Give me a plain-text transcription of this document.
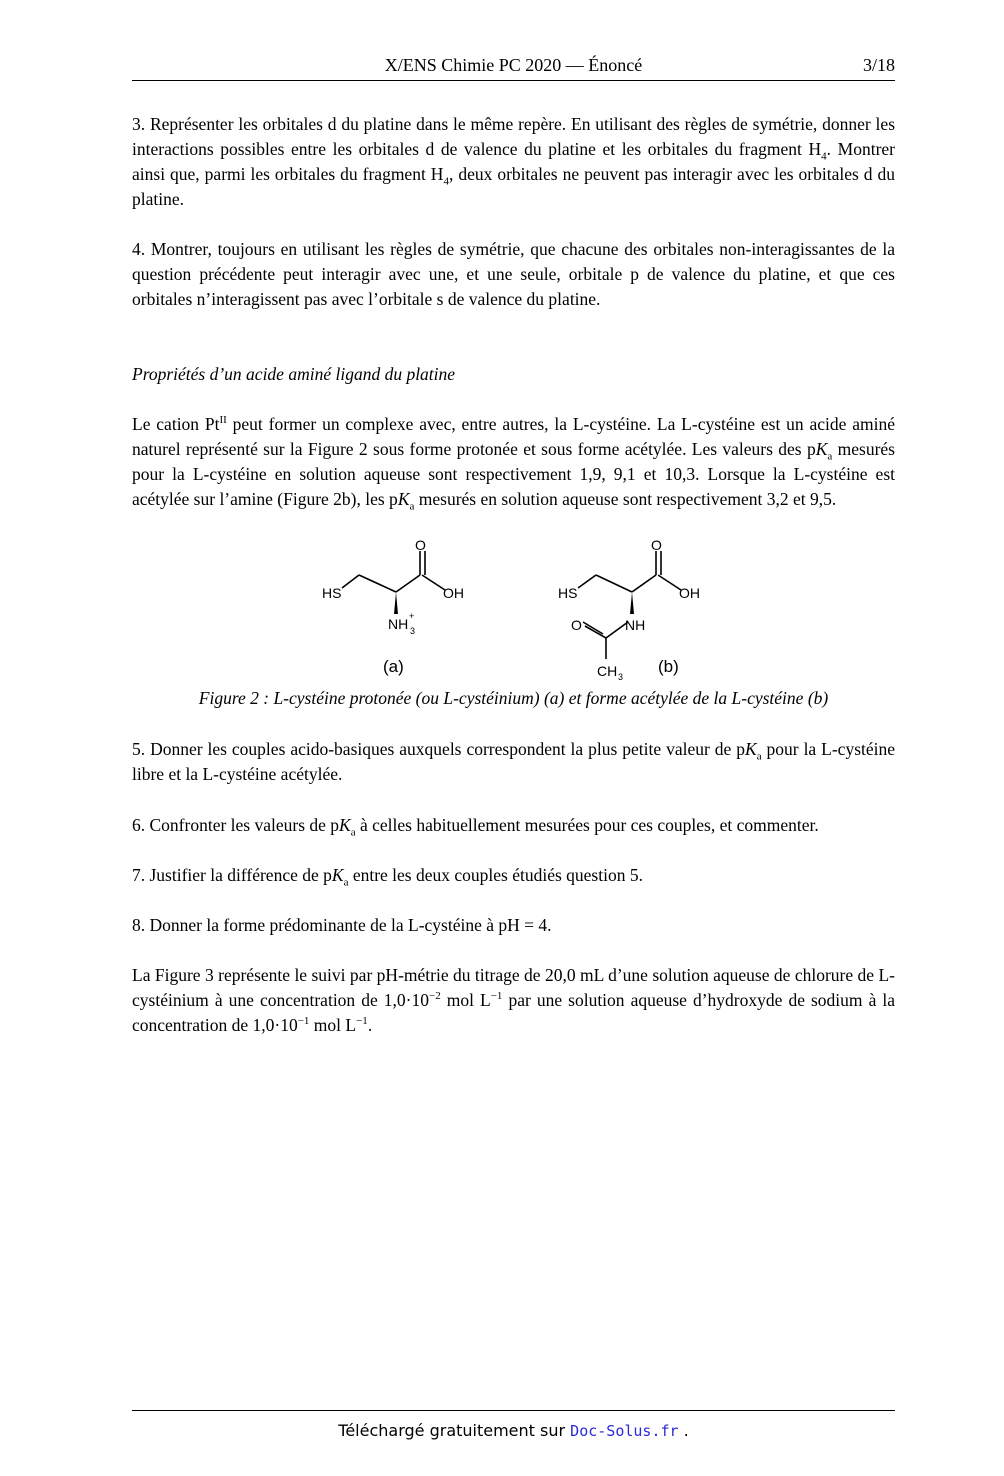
X/ENS Chimie PC 2020 — Énoncé	3/18

3. Représenter les orbitales d du platine dans le même repère. En utilisant des règles de symétrie, donner les interactions possibles entre les orbitales d de valence du platine et les orbitales du fragment $H_4$. Montrer ainsi que, parmi les orbitales du fragment $H_4$, deux orbitales ne peuvent pas interagir avec les orbitales d du platine.

4. Montrer, toujours en utilisant les règles de symétrie, que chacune des orbitales non-interagissantes de la question précédente peut interagir avec une, et une seule, orbitale p de valence du platine, et que ces orbitales n’interagissent pas avec l’orbitale s de valence du platine.

Propriétés d’un acide aminé ligand du platine

Le cation $Pt^{II}$ peut former un complexe avec, entre autres, la L-cystéine. La L-cystéine est un acide aminé naturel représenté sur la Figure 2 sous forme protonée et sous forme acétylée. Les valeurs des $pK_a$ mesurés pour la L-cystéine en solution aqueuse sont respectivement 1,9, 9,1 et 10,3. Lorsque la L-cystéine est acétylée sur l’amine (Figure 2b), les $pK_a$ mesurés en solution aqueuse sont respectivement 3,2 et 9,5.

O
HS	OH
NH 3
+
(a)
O
HS	OH
NH
O
CH 3
(b)
Figure 2 : L-cystéine protonée (ou L-cystéinium) (a) et forme acétylée de la L-cystéine (b)

5. Donner les couples acido-basiques auxquels correspondent la plus petite valeur de $pK_a$ pour la L-cystéine libre et la L-cystéine acétylée.

6. Confronter les valeurs de $pK_a$ à celles habituellement mesurées pour ces couples, et commenter.

7. Justifier la différence de $pK_a$ entre les deux couples étudiés question 5.

8. Donner la forme prédominante de la L-cystéine à pH = 4.

La Figure 3 représente le suivi par pH-métrie du titrage de 20,0 mL d’une solution aqueuse de chlorure de L-cystéinium à une concentration de $1,0\cdot 10^{-2}$ mol $L^{-1}$ par une solution aqueuse d’hydroxyde de sodium à la concentration de $1,0\cdot 10^{-1}$ mol $L^{-1}$.

Téléchargé gratuitement sur Doc-Solus.fr .
